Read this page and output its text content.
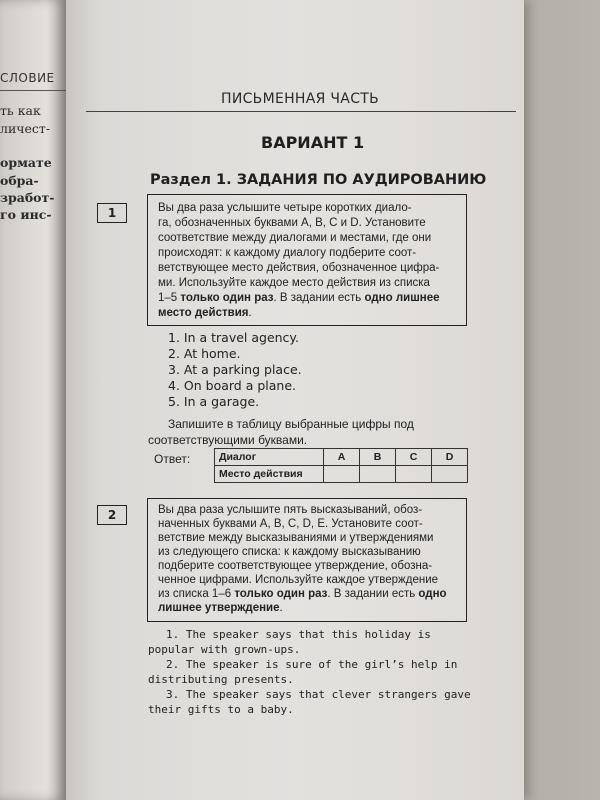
СЛОВИЕ
ть как
личест-
ормате
обра-
зработ-
го инс-
ПИСЬМЕННАЯ ЧАСТЬ
ВАРИАНТ 1
Раздел 1. ЗАДАНИЯ ПО АУДИРОВАНИЮ
1	Вы два раза услышите четыре коротких диало-
га, обозначенных буквами A, B, C и D. Установите
соответствие между диалогами и местами, где они
происходят: к каждому диалогу подберите соот-
ветствующее место действия, обозначенное цифра-
ми. Используйте каждое место действия из списка
1–5 только один раз. В задании есть одно лишнее
место действия.
1. In a travel agency.
2. At home.
3. At a parking place.
4. On board a plane.
5. In a garage.
Запишите в таблицу выбранные цифры под
соответствующими буквами.
Ответ:	Диалог	A	B	C	D
Место действия				
2	Вы два раза услышите пять высказываний, обоз-
наченных буквами A, B, C, D, E. Установите соот-
ветствие между высказываниями и утверждениями
из следующего списка: к каждому высказыванию
подберите соответствующее утверждение, обозна-
ченное цифрами. Используйте каждое утверждение
из списка 1–6 только один раз. В задании есть одно
лишнее утверждение.
1. The speaker says that this holiday is
popular with grown-ups.
2. The speaker is sure of the girl’s help in
distributing presents.
3. The speaker says that clever strangers gave
their gifts to a baby.
